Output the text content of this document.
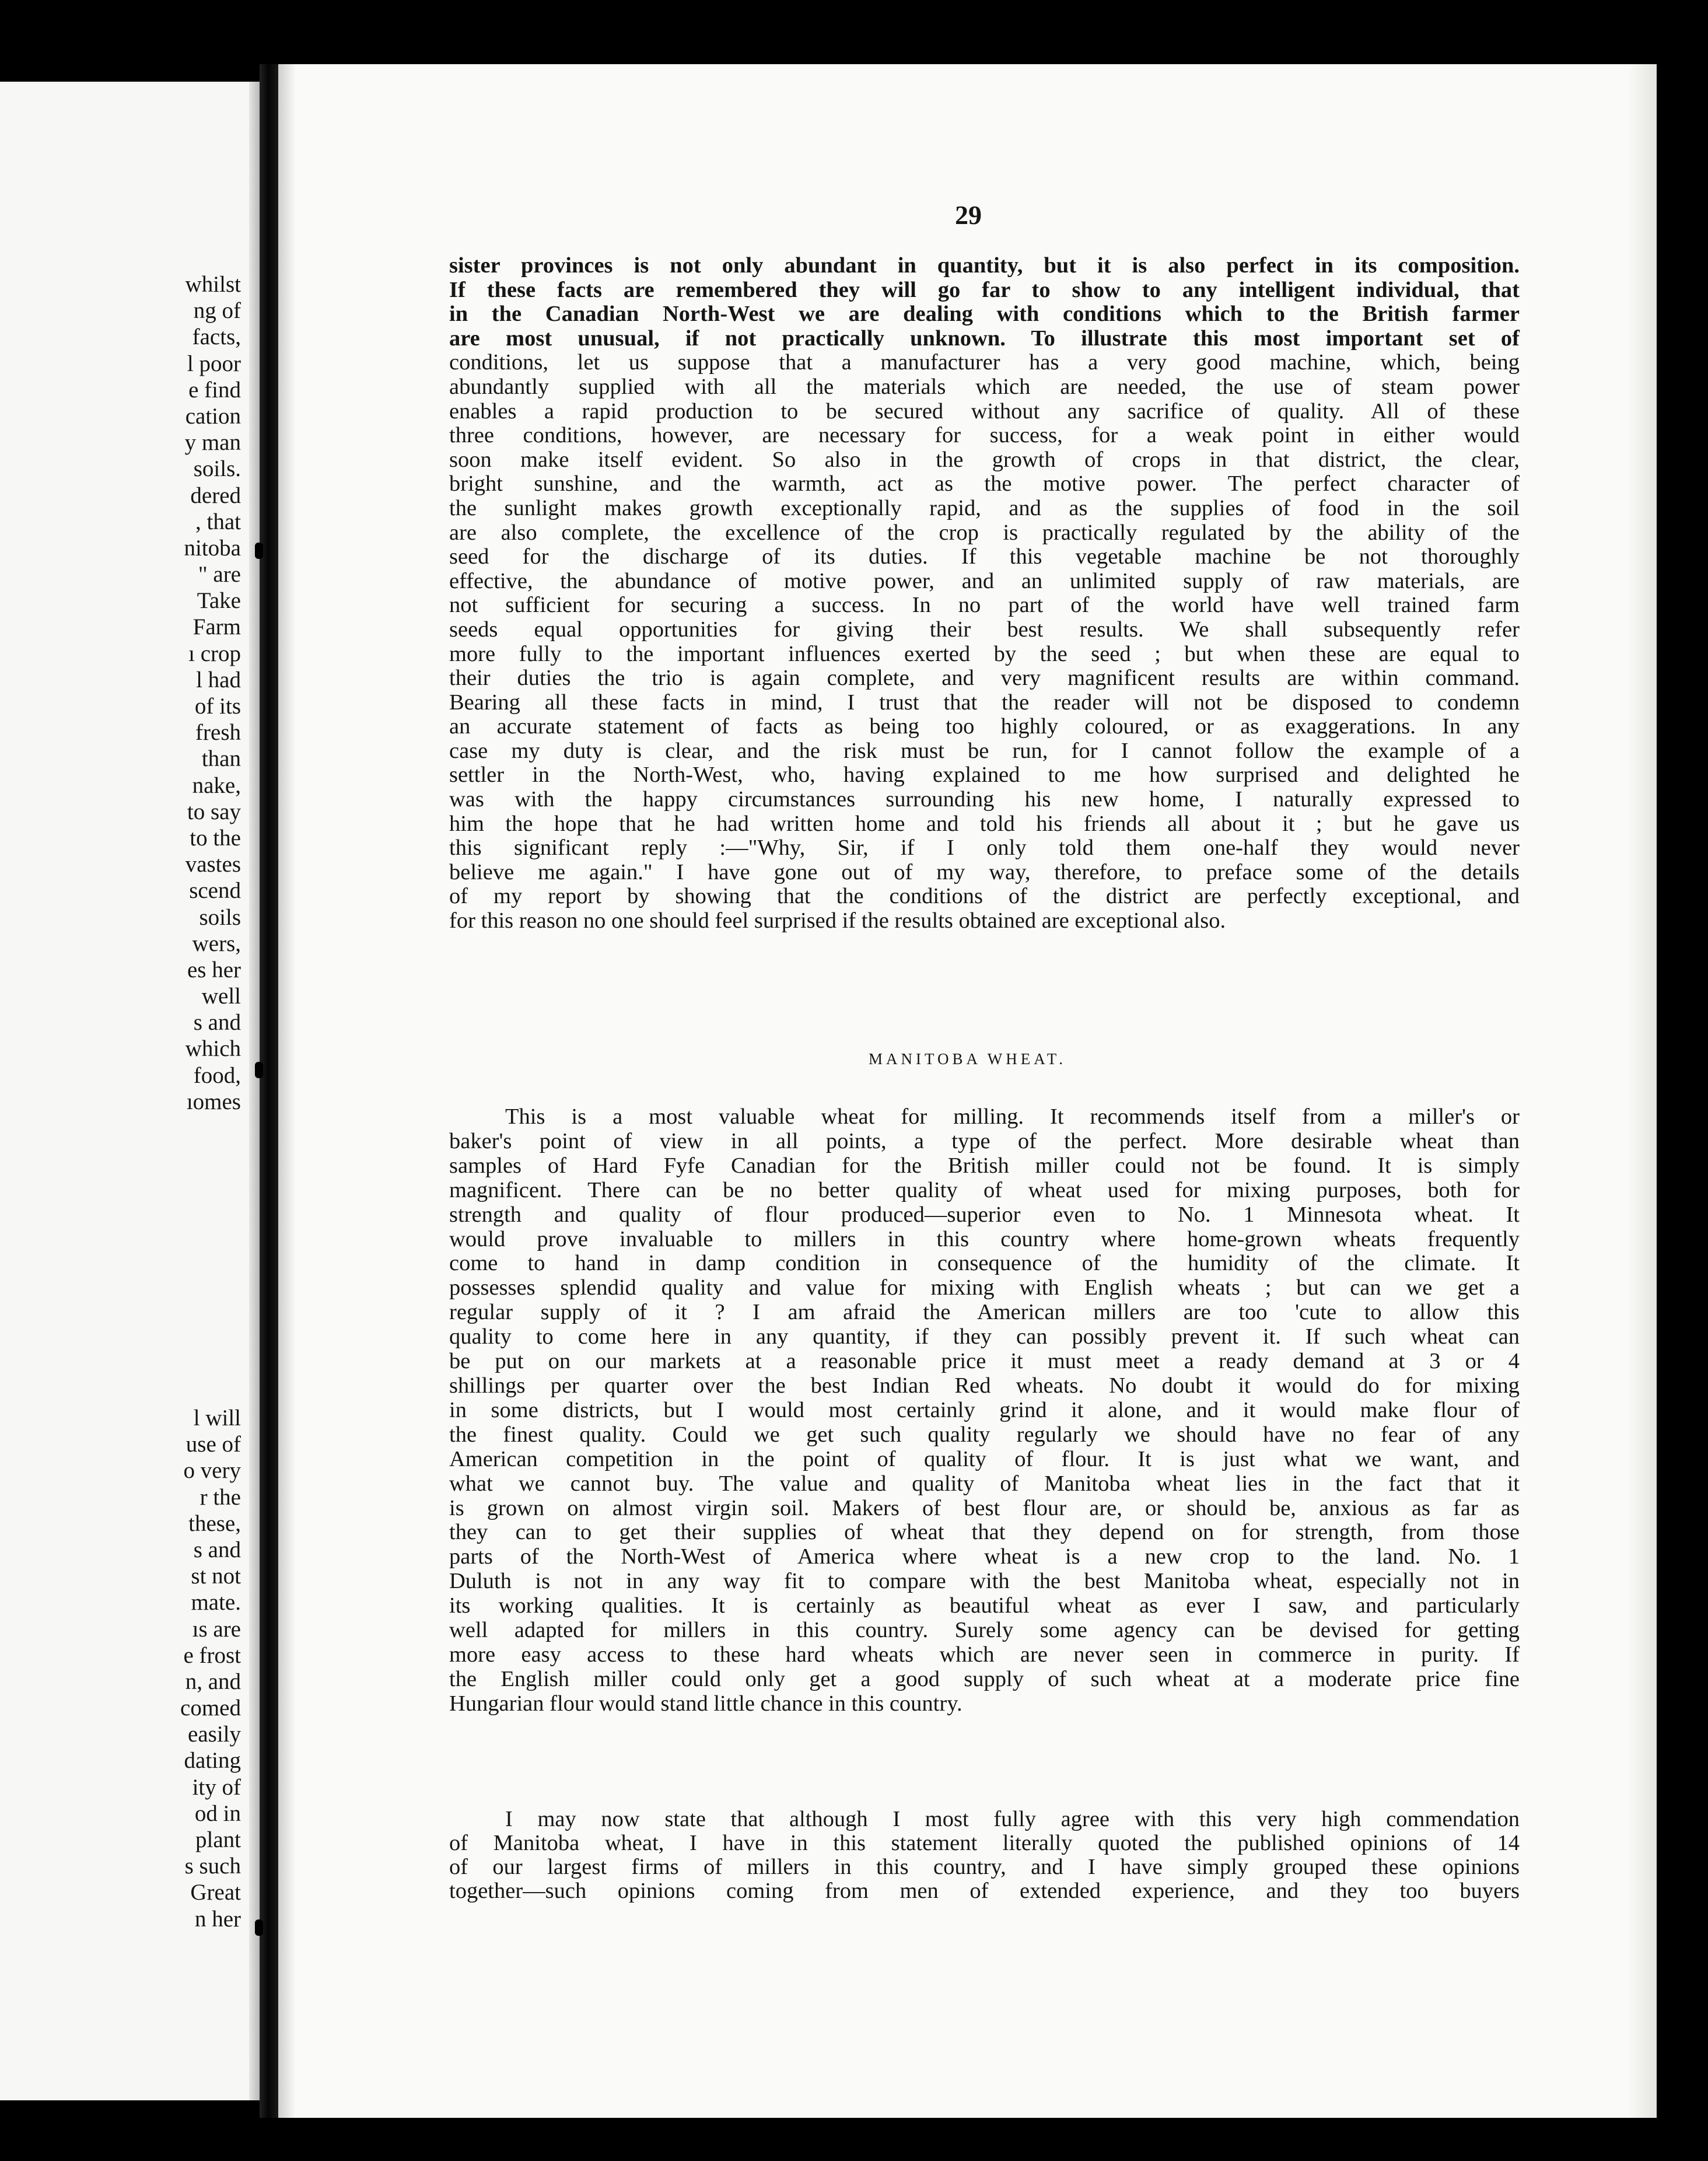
whilst
ng of
facts,
l poor
e find
cation
y man
soils.
dered
, that
nitoba
" are
Take
Farm
ı crop
l had
of its
fresh
than
nake,
to say
to the
vastes
scend
soils
wers,
es her
well
s and
which
food,
ıomes
l will
use of
o very
r the
these,
s and
st not
mate.
ıs are
e frost
n, and
comed
easily
dating
ity of
od in
plant
s such
Great
n her
29
sister provinces is not only abundant in quantity, but it is also perfect in its composition.
If these facts are remembered they will go far to show to any intelligent individual, that
in the Canadian North-West we are dealing with conditions which to the British farmer
are most unusual, if not practically unknown. To illustrate this most important set of
conditions, let us suppose that a manufacturer has a very good machine, which, being
abundantly supplied with all the materials which are needed, the use of steam power
enables a rapid production to be secured without any sacrifice of quality. All of these
three conditions, however, are necessary for success, for a weak point in either would
soon make itself evident. So also in the growth of crops in that district, the clear,
bright sunshine, and the warmth, act as the motive power. The perfect character of
the sunlight makes growth exceptionally rapid, and as the supplies of food in the soil
are also complete, the excellence of the crop is practically regulated by the ability of the
seed for the discharge of its duties. If this vegetable machine be not thoroughly
effective, the abundance of motive power, and an unlimited supply of raw materials, are
not sufficient for securing a success. In no part of the world have well trained farm
seeds equal opportunities for giving their best results. We shall subsequently refer
more fully to the important influences exerted by the seed ; but when these are equal to
their duties the trio is again complete, and very magnificent results are within command.
Bearing all these facts in mind, I trust that the reader will not be disposed to condemn
an accurate statement of facts as being too highly coloured, or as exaggerations. In any
case my duty is clear, and the risk must be run, for I cannot follow the example of a
settler in the North-West, who, having explained to me how surprised and delighted he
was with the happy circumstances surrounding his new home, I naturally expressed to
him the hope that he had written home and told his friends all about it ; but he gave us
this significant reply :—"Why, Sir, if I only told them one-half they would never
believe me again." I have gone out of my way, therefore, to preface some of the details
of my report by showing that the conditions of the district are perfectly exceptional, and
for this reason no one should feel surprised if the results obtained are exceptional also.
MANITOBA WHEAT.
This is a most valuable wheat for milling. It recommends itself from a miller's or
baker's point of view in all points, a type of the perfect. More desirable wheat than
samples of Hard Fyfe Canadian for the British miller could not be found. It is simply
magnificent. There can be no better quality of wheat used for mixing purposes, both for
strength and quality of flour produced—superior even to No. 1 Minnesota wheat. It
would prove invaluable to millers in this country where home-grown wheats frequently
come to hand in damp condition in consequence of the humidity of the climate. It
possesses splendid quality and value for mixing with English wheats ; but can we get a
regular supply of it ? I am afraid the American millers are too 'cute to allow this
quality to come here in any quantity, if they can possibly prevent it. If such wheat can
be put on our markets at a reasonable price it must meet a ready demand at 3 or 4
shillings per quarter over the best Indian Red wheats. No doubt it would do for mixing
in some districts, but I would most certainly grind it alone, and it would make flour of
the finest quality. Could we get such quality regularly we should have no fear of any
American competition in the point of quality of flour. It is just what we want, and
what we cannot buy. The value and quality of Manitoba wheat lies in the fact that it
is grown on almost virgin soil. Makers of best flour are, or should be, anxious as far as
they can to get their supplies of wheat that they depend on for strength, from those
parts of the North-West of America where wheat is a new crop to the land. No. 1
Duluth is not in any way fit to compare with the best Manitoba wheat, especially not in
its working qualities. It is certainly as beautiful wheat as ever I saw, and particularly
well adapted for millers in this country. Surely some agency can be devised for getting
more easy access to these hard wheats which are never seen in commerce in purity. If
the English miller could only get a good supply of such wheat at a moderate price fine
Hungarian flour would stand little chance in this country.
I may now state that although I most fully agree with this very high commendation
of Manitoba wheat, I have in this statement literally quoted the published opinions of 14
of our largest firms of millers in this country, and I have simply grouped these opinions
together—such opinions coming from men of extended experience, and they too buyers
